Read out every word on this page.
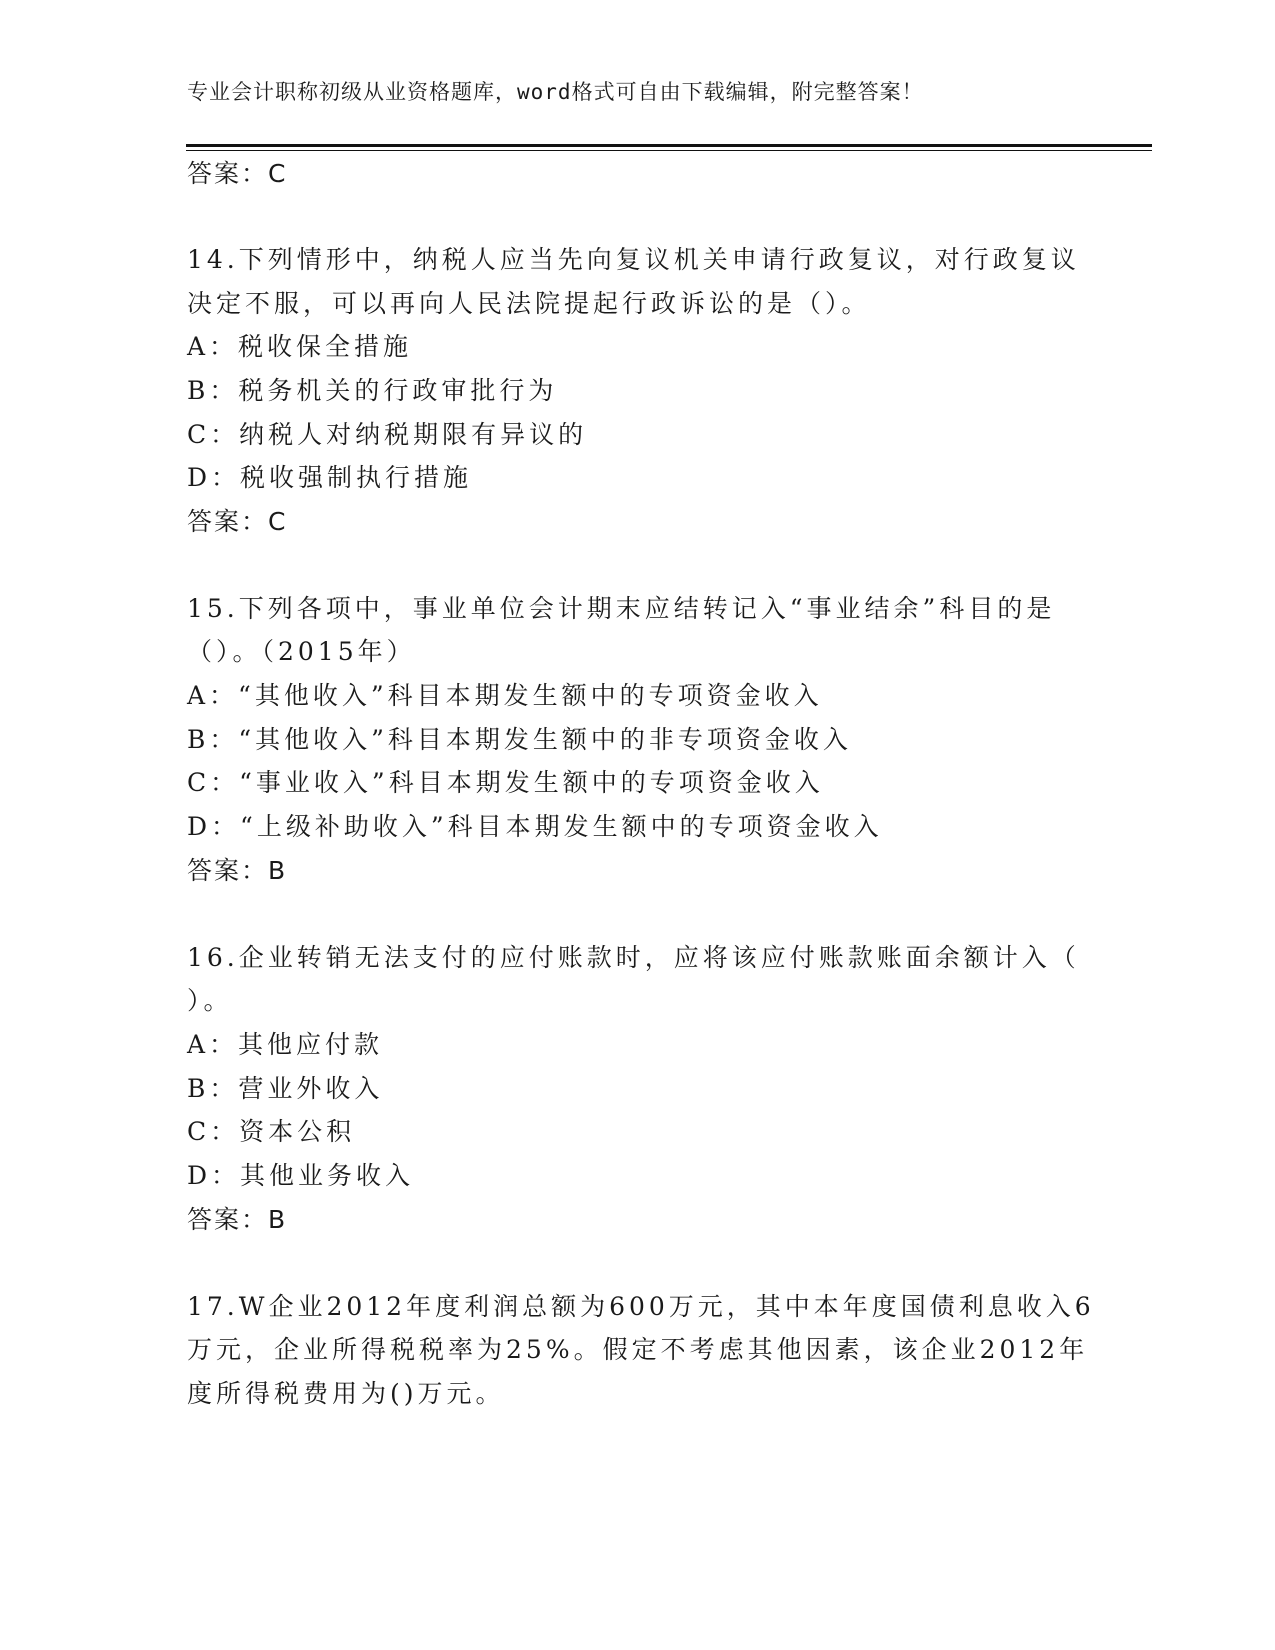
专业会计职称初级从业资格题库，word格式可自由下载编辑，附完整答案！
答案：C
14.下列情形中，纳税人应当先向复议机关申请行政复议，对行政复议
决定不服，可以再向人民法院提起行政诉讼的是（）。
A：税收保全措施
B：税务机关的行政审批行为
C：纳税人对纳税期限有异议的
D：税收强制执行措施
答案：C
15.下列各项中，事业单位会计期末应结转记入“事业结余”科目的是
（）。（2015年）
A：“其他收入”科目本期发生额中的专项资金收入
B：“其他收入”科目本期发生额中的非专项资金收入
C：“事业收入”科目本期发生额中的专项资金收入
D：“上级补助收入”科目本期发生额中的专项资金收入
答案：B
16.企业转销无法支付的应付账款时，应将该应付账款账面余额计入（
）。
A：其他应付款
B：营业外收入
C：资本公积
D：其他业务收入
答案：B
17.W企业2012年度利润总额为600万元，其中本年度国债利息收入6
万元，企业所得税税率为25%。假定不考虑其他因素，该企业2012年
度所得税费用为()万元。
